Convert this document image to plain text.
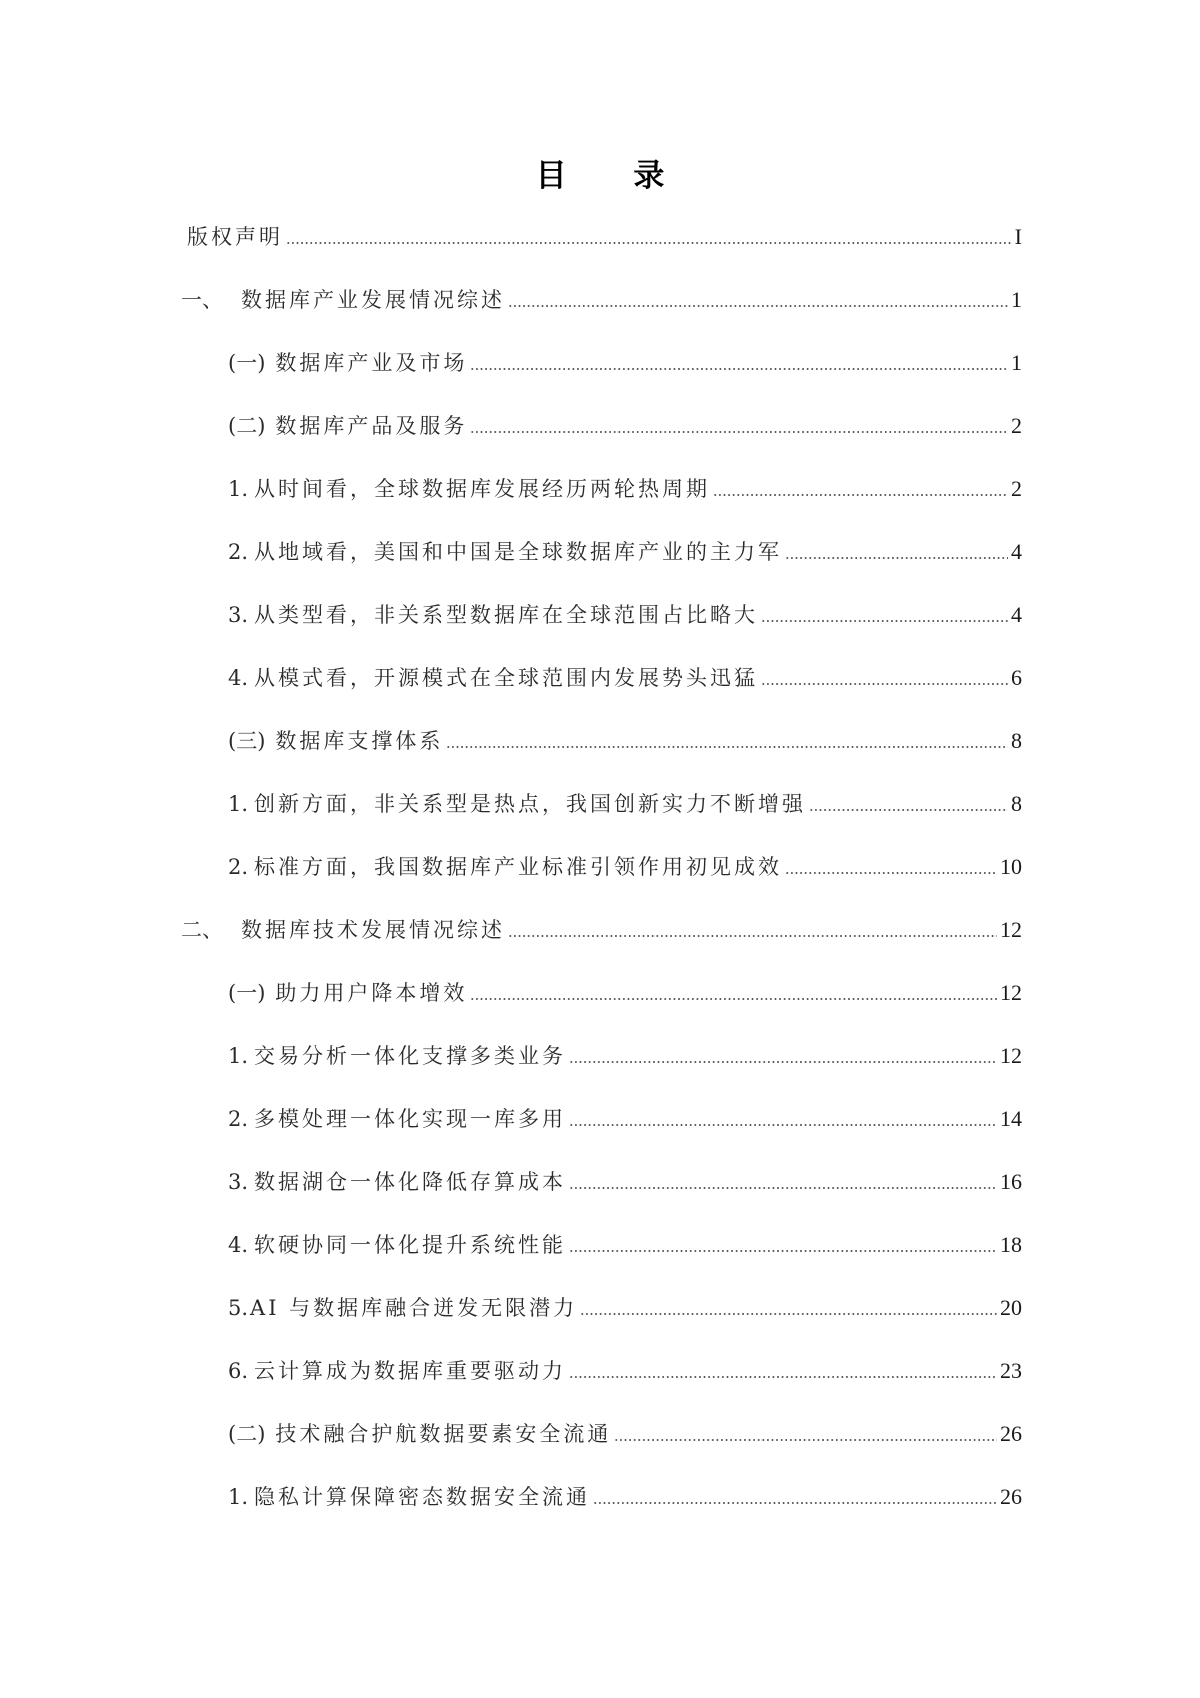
目 录
版权声明	I
一、 数据库产业发展情况综述	1
(一) 数据库产业及市场	1
(二) 数据库产品及服务	2
1. 从时间看，全球数据库发展经历两轮热周期	2
2. 从地域看，美国和中国是全球数据库产业的主力军	4
3. 从类型看，非关系型数据库在全球范围占比略大	4
4. 从模式看，开源模式在全球范围内发展势头迅猛	6
(三) 数据库支撑体系	8
1. 创新方面，非关系型是热点，我国创新实力不断增强	8
2. 标准方面，我国数据库产业标准引领作用初见成效	10
二、 数据库技术发展情况综述	12
(一) 助力用户降本增效	12
1. 交易分析一体化支撑多类业务	12
2. 多模处理一体化实现一库多用	14
3. 数据湖仓一体化降低存算成本	16
4. 软硬协同一体化提升系统性能	18
5.AI 与数据库融合迸发无限潜力	20
6. 云计算成为数据库重要驱动力	23
(二) 技术融合护航数据要素安全流通	26
1. 隐私计算保障密态数据安全流通	26
